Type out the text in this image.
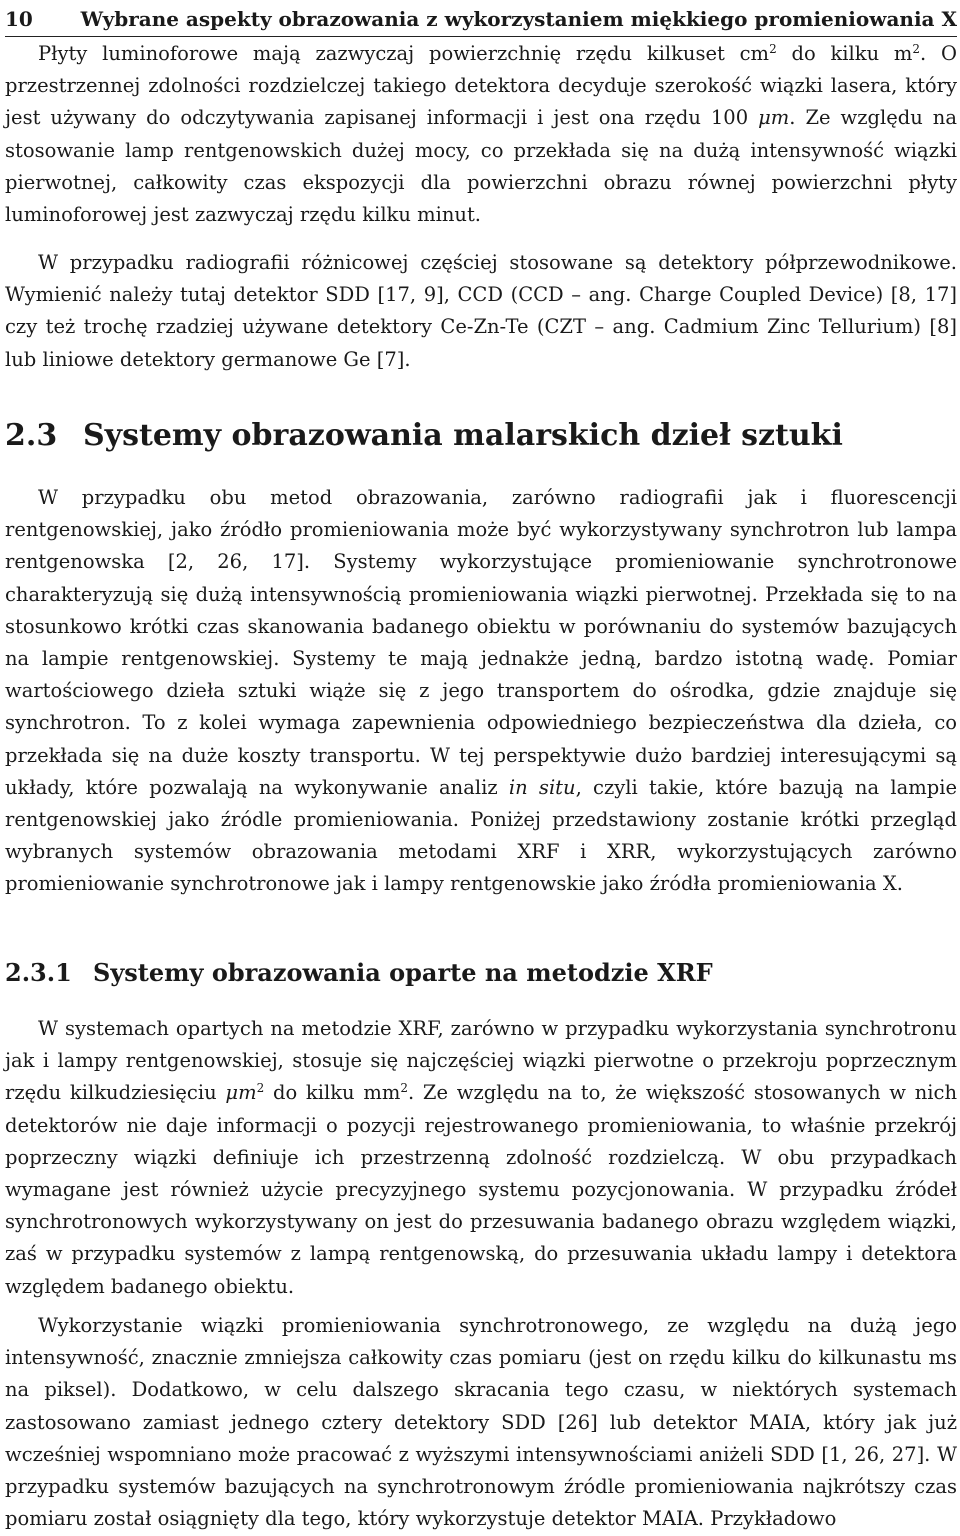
10 Wybrane aspekty obrazowania z wykorzystaniem miękkiego promieniowania X

Płyty luminoforowe mają zazwyczaj powierzchnię rzędu kilkuset $cm^2$ do kilku $m^2$. O przestrzennej zdolności rozdzielczej takiego detektora decyduje szerokość wiązki lasera, który jest używany do odczytywania zapisanej informacji i jest ona rzędu 100 μm. Ze względu na stosowanie lamp rentgenowskich dużej mocy, co przekłada się na dużą intensywność wiązki pierwotnej, całkowity czas ekspozycji dla powierzchni obrazu równej powierzchni płyty luminoforowej jest zazwyczaj rzędu kilku minut.

W przypadku radiografii różnicowej częściej stosowane są detektory półprzewodnikowe. Wymienić należy tutaj detektor SDD [17, 9], CCD (CCD – ang. Charge Coupled Device) [8, 17] czy też trochę rzadziej używane detektory Ce-Zn-Te (CZT – ang. Cadmium Zinc Tellurium) [8] lub liniowe detektory germanowe Ge [7].

2.3 Systemy obrazowania malarskich dzieł sztuki

W przypadku obu metod obrazowania, zarówno radiografii jak i fluorescencji rentgenowskiej, jako źródło promieniowania może być wykorzystywany synchrotron lub lampa rentgenowska [2, 26, 17]. Systemy wykorzystujące promieniowanie synchrotronowe charakteryzują się dużą intensywnością promieniowania wiązki pierwotnej. Przekłada się to na stosunkowo krótki czas skanowania badanego obiektu w porównaniu do systemów bazujących na lampie rentgenowskiej. Systemy te mają jednakże jedną, bardzo istotną wadę. Pomiar wartościowego dzieła sztuki wiąże się z jego transportem do ośrodka, gdzie znajduje się synchrotron. To z kolei wymaga zapewnienia odpowiedniego bezpieczeństwa dla dzieła, co przekłada się na duże koszty transportu. W tej perspektywie dużo bardziej interesującymi są układy, które pozwalają na wykonywanie analiz in situ, czyli takie, które bazują na lampie rentgenowskiej jako źródle promieniowania. Poniżej przedstawiony zostanie krótki przegląd wybranych systemów obrazowania metodami XRF i XRR, wykorzystujących zarówno promieniowanie synchrotronowe jak i lampy rentgenowskie jako źródła promieniowania X.

2.3.1 Systemy obrazowania oparte na metodzie XRF

W systemach opartych na metodzie XRF, zarówno w przypadku wykorzystania synchrotronu jak i lampy rentgenowskiej, stosuje się najczęściej wiązki pierwotne o przekroju poprzecznym rzędu kilkudziesięciu $\mu m^2$ do kilku $mm^2$. Ze względu na to, że większość stosowanych w nich detektorów nie daje informacji o pozycji rejestrowanego promieniowania, to właśnie przekrój poprzeczny wiązki definiuje ich przestrzenną zdolność rozdzielczą. W obu przypadkach wymagane jest również użycie precyzyjnego systemu pozycjonowania. W przypadku źródeł synchrotronowych wykorzystywany on jest do przesuwania badanego obrazu względem wiązki, zaś w przypadku systemów z lampą rentgenowską, do przesuwania układu lampy i detektora względem badanego obiektu.

Wykorzystanie wiązki promieniowania synchrotronowego, ze względu na dużą jego intensywność, znacznie zmniejsza całkowity czas pomiaru (jest on rzędu kilku do kilkunastu ms na piksel). Dodatkowo, w celu dalszego skracania tego czasu, w niektórych systemach zastosowano zamiast jednego cztery detektory SDD [26] lub detektor MAIA, który jak już wcześniej wspomniano może pracować z wyższymi intensywnościami aniżeli SDD [1, 26, 27]. W przypadku systemów bazujących na synchrotronowym źródle promieniowania najkrótszy czas pomiaru został osiągnięty dla tego, który wykorzystuje detektor MAIA. Przykładowo
